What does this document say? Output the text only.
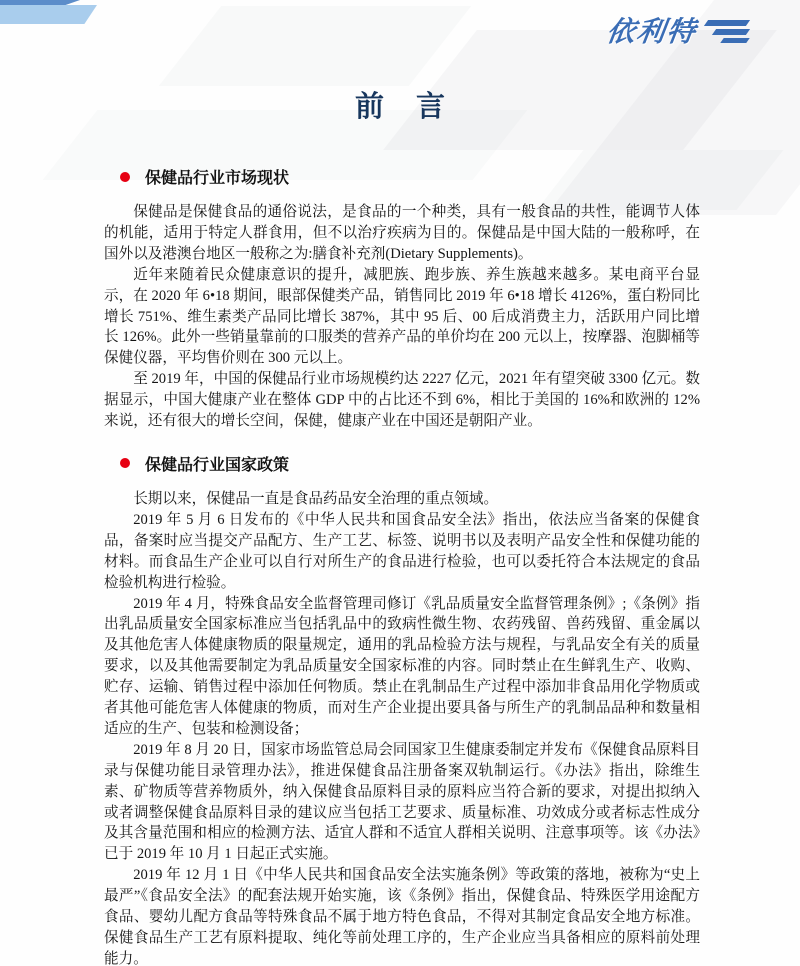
依利特
前 言
保健品行业市场现状

保健品是保健食品的通俗说法，是食品的一个种类，具有一般食品的共性，能调节人体的机能，适用于特定人群食用，但不以治疗疾病为目的。保健品是中国大陆的一般称呼，在国外以及港澳台地区一般称之为:膳食补充剂(Dietary Supplements)。

近年来随着民众健康意识的提升，减肥族、跑步族、养生族越来越多。某电商平台显示，在 2020 年 6•18 期间，眼部保健类产品，销售同比 2019 年 6•18 增长 4126%，蛋白粉同比增长 751%、维生素类产品同比增长 387%，其中 95 后、00 后成消费主力，活跃用户同比增长 126%。此外一些销量靠前的口服类的营养产品的单价均在 200 元以上，按摩器、泡脚桶等保健仪器，平均售价则在 300 元以上。

至 2019 年，中国的保健品行业市场规模约达 2227 亿元，2021 年有望突破 3300 亿元。数据显示，中国大健康产业在整体 GDP 中的占比还不到 6%，相比于美国的 16%和欧洲的 12%来说，还有很大的增长空间，保健，健康产业在中国还是朝阳产业。

保健品行业国家政策

长期以来，保健品一直是食品药品安全治理的重点领域。

2019 年 5 月 6 日发布的《中华人民共和国食品安全法》指出，依法应当备案的保健食品，备案时应当提交产品配方、生产工艺、标签、说明书以及表明产品安全性和保健功能的材料。而食品生产企业可以自行对所生产的食品进行检验，也可以委托符合本法规定的食品检验机构进行检验。

2019 年 4 月，特殊食品安全监督管理司修订《乳品质量安全监督管理条例》;《条例》指出乳品质量安全国家标准应当包括乳品中的致病性微生物、农药残留、兽药残留、重金属以及其他危害人体健康物质的限量规定，通用的乳品检验方法与规程，与乳品安全有关的质量要求，以及其他需要制定为乳品质量安全国家标准的内容。同时禁止在生鲜乳生产、收购、贮存、运输、销售过程中添加任何物质。禁止在乳制品生产过程中添加非食品用化学物质或者其他可能危害人体健康的物质，而对生产企业提出要具备与所生产的乳制品品种和数量相适应的生产、包装和检测设备；

2019 年 8 月 20 日，国家市场监管总局会同国家卫生健康委制定并发布《保健食品原料目录与保健功能目录管理办法》，推进保健食品注册备案双轨制运行。《办法》指出，除维生素、矿物质等营养物质外，纳入保健食品原料目录的原料应当符合新的要求，对提出拟纳入或者调整保健食品原料目录的建议应当包括工艺要求、质量标准、功效成分或者标志性成分及其含量范围和相应的检测方法、适宜人群和不适宜人群相关说明、注意事项等。该《办法》已于 2019 年 10 月 1 日起正式实施。

2019 年 12 月 1 日《中华人民共和国食品安全法实施条例》等政策的落地，被称为“史上最严”《食品安全法》的配套法规开始实施，该《条例》指出，保健食品、特殊医学用途配方食品、婴幼儿配方食品等特殊食品不属于地方特色食品，不得对其制定食品安全地方标准。保健食品生产工艺有原料提取、纯化等前处理工序的，生产企业应当具备相应的原料前处理能力。
